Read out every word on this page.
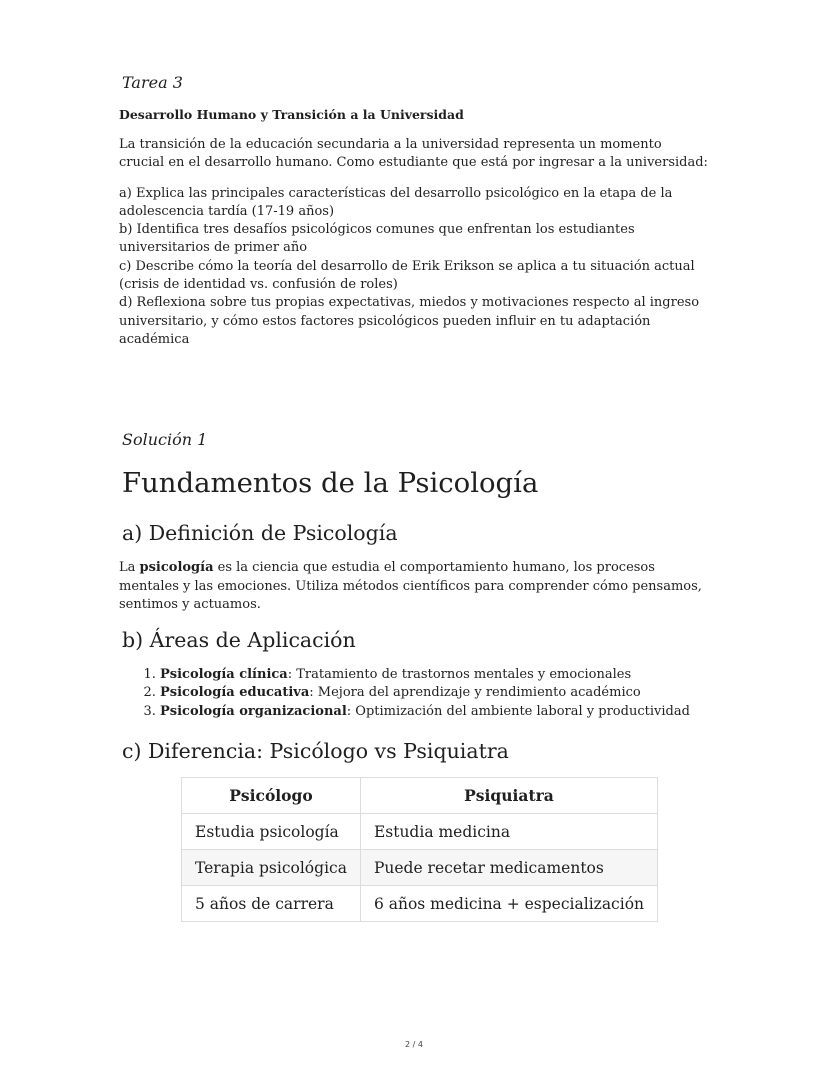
Tarea 3
Desarrollo Humano y Transición a la Universidad
La transición de la educación secundaria a la universidad representa un momento crucial en el desarrollo humano. Como estudiante que está por ingresar a la universidad:
a) Explica las principales características del desarrollo psicológico en la etapa de la adolescencia tardía (17-19 años)
b) Identifica tres desafíos psicológicos comunes que enfrentan los estudiantes universitarios de primer año
c) Describe cómo la teoría del desarrollo de Erik Erikson se aplica a tu situación actual (crisis de identidad vs. confusión de roles)
d) Reflexiona sobre tus propias expectativas, miedos y motivaciones respecto al ingreso universitario, y cómo estos factores psicológicos pueden influir en tu adaptación académica
Solución 1
Fundamentos de la Psicología
a) Definición de Psicología
La psicología es la ciencia que estudia el comportamiento humano, los procesos mentales y las emociones. Utiliza métodos científicos para comprender cómo pensamos, sentimos y actuamos.
b) Áreas de Aplicación
1. Psicología clínica: Tratamiento de trastornos mentales y emocionales
2. Psicología educativa: Mejora del aprendizaje y rendimiento académico
3. Psicología organizacional: Optimización del ambiente laboral y productividad
c) Diferencia: Psicólogo vs Psiquiatra
Psicólogo	Psiquiatra
Estudia psicología	Estudia medicina
Terapia psicológica	Puede recetar medicamentos
5 años de carrera	6 años medicina + especialización
2 / 4
